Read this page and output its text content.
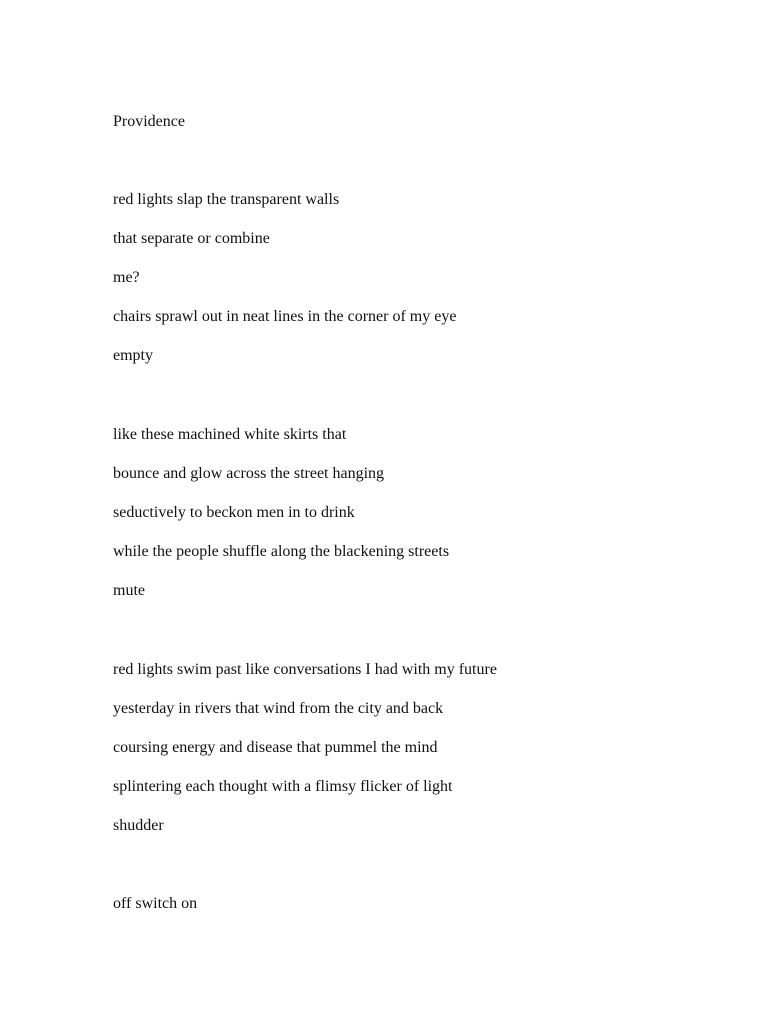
Providence
red lights slap the transparent walls
that separate or combine
me?
chairs sprawl out in neat lines in the corner of my eye
empty
like these machined white skirts that
bounce and glow across the street hanging
seductively to beckon men in to drink
while the people shuffle along the blackening streets
mute
red lights swim past like conversations I had with my future
yesterday in rivers that wind from the city and back
coursing energy and disease that pummel the mind
splintering each thought with a flimsy flicker of light
shudder
off switch on
